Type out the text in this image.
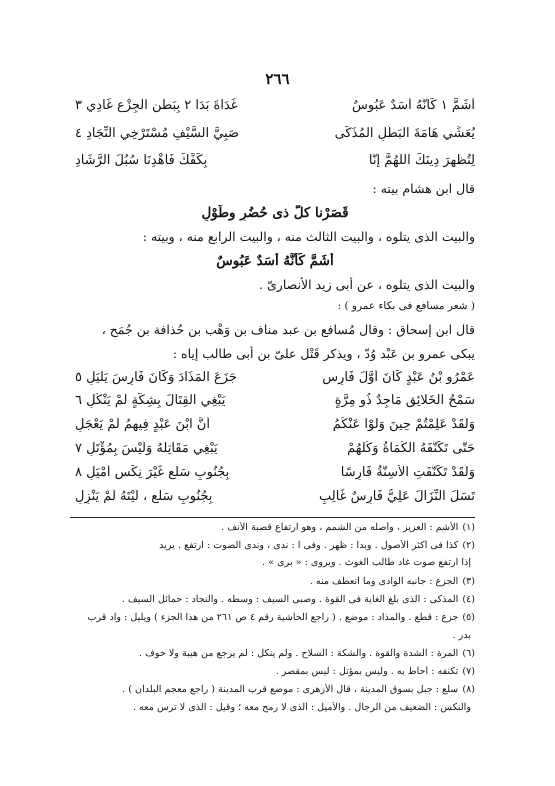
٢٦٦
أَشَمَّ ١ كَأَنَّهُ أَسَدٌ عَبُوسٌ
غَدَاةَ بَدَا ٢ بِبَطْنِ الجِزْعِ غَادِي ٣
يُعَشِّي هَامَةَ البَطَلِ المُذَكَّى
صَبِيَّ السَّيْفِ مُسْتَرْخِي النِّجَادِ ٤
لِتُظْهِرَ دِينَكَ اللَّهُمَّ إِنَّا
بِكَفِّكَ فَاهْدِنَا سُبُلَ الرَّشَادِ
قال ابن هشام بيته :
قَصَرْنا كلَّ ذى حُضُرٍ وطَوْلِ
والبيت الذى يتلوه ، والبيت الثالث منه ، والبيت الرابع منه ، وبيته :
أَشَمَّ كَأَنَّهُ أَسَدٌ عَبُوسٌ
والبيت الذى يتلوه ، عن أبى زيد الأنصارىّ .
( شعر مسافع فى بكاء عمرو ) :
قال ابن إسحاق : وقال مُسافع بن عبد مناف بن وَهْب بن حُذافة بن جُمَح ،
يبكى عمرو بن عَبْد وُدّ ، ويذكر قَتْل علىّ بن أبى طالب إياه :
عَمْرُو بْنُ عَبْدٍ كَانَ أَوَّلَ فَارِسٍ
جَزَعَ المَذَادَ وَكَانَ فَارِسَ يَلْيَلِ ٥
سَمْحُ الخَلائِقِ مَاجِدٌ ذُو مِرَّةٍ
يَبْغِي القِتَالَ بِشِكَّةٍ لَمْ يَنْكُلِ ٦
وَلَقَدْ عَلِمْتُمْ حِينَ وَلَّوْا عَنْكُمُ
أَنَّ ابْنَ عَبْدٍ فِيهِمُ لَمْ يَعْجَلِ
حَتَّى تَكَنَّفَهُ الكُمَاةُ وَكُلُّهُمْ
يَبْغِي مَقَاتِلَهُ وَلَيْسَ بِمُؤْتَلِ ٧
وَلَقَدْ تَكَنَّفَتِ الأَسِنَّةُ فَارِسًا
بِجُنُوبِ سَلْعٍ غَيْرَ نِكْسٍ أَمْيَلِ ٨
تَسَلَ النِّزَالَ عَلِيُّ فَارِسٌ غَالِبٍ
بِجُنُوبِ سَلْعٍ ، لَيْتَهُ لَمْ يَنْزِلِ
(١)الأشم : العزيز ، وأصله من الشمم ، وهو ارتفاع قصبة الأنف .
(٢)كذا فى أكثر الأصول . وبدا : ظهر . وفى ا : ندى ، وندى الصوت : ارتفع . يريد
إذا ارتفع صوت غاد طالب الغوث . ويروى : « برى » .
(٣)الجزع : جانبه الوادى وما انعطف منه .
(٤)المذكى : الذى بلغ الغاية فى القوة . وصبى السيف : وسطه . والنجاد : حمائل السيف .
(٥)جزع : قطع . والمذاد : موضع . ( راجع الحاشية رقم ٤ ص ٢٦١ من هذا الجزء ) ويليل : واد قرب
بدر .
(٦)المرة : الشدة والقوة . والشكة : السلاح . ولم ينكل : لم يرجع من هيبة ولا خوف .
(٧)تكنفه : أحاط به . وليس بمؤتل : ليس بمقصر .
(٨)سلع : جبل بسوق المدينة ، قال الأزهرى : موضع قرب المدينة ( راجع معجم البلدان ) .
والنكس : الضعيف من الرجال . والأميل : الذى لا رمح معه ؛ وقيل : الذى لا ترس معه .
